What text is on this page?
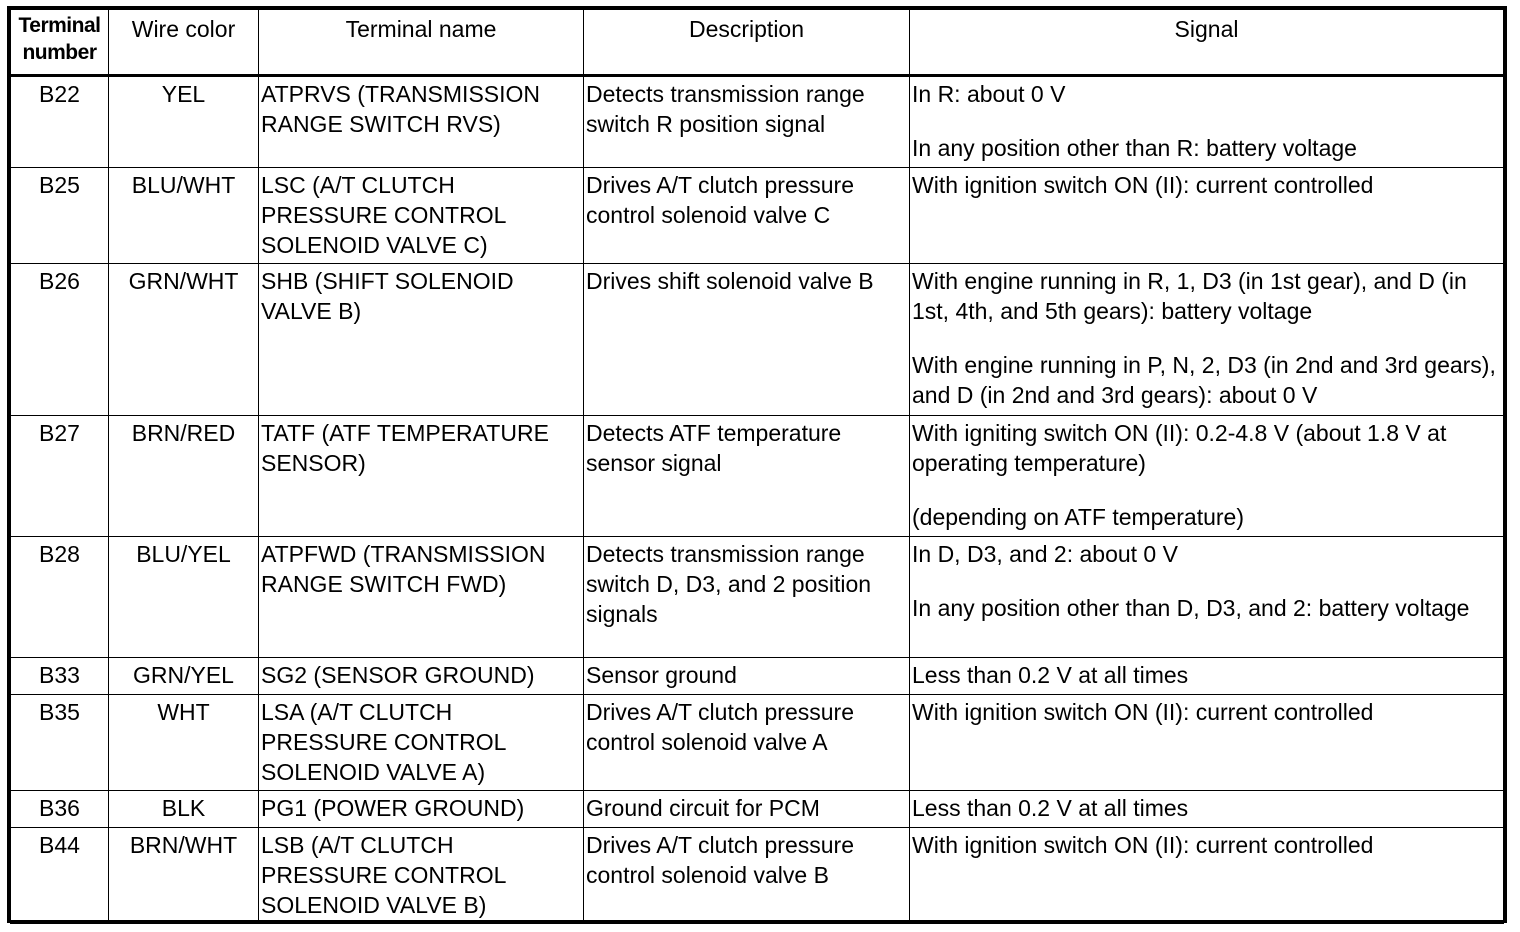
Terminal number	Wire color	Terminal name	Description	Signal
B22	YEL	ATPRVS (TRANSMISSION RANGE SWITCH RVS)	Detects transmission range switch R position signal	In R: about 0 V
In any position other than R: battery voltage

B25	BLU/WHT	LSC (A/T CLUTCH PRESSURE CONTROL SOLENOID VALVE C)	Drives A/T clutch pressure control solenoid valve C	With ignition switch ON (II): current controlled

B26	GRN/WHT	SHB (SHIFT SOLENOID VALVE B)	Drives shift solenoid valve B	With engine running in R, 1, D3 (in 1st gear), and D (in 1st, 4th, and 5th gears): battery voltage
With engine running in P, N, 2, D3 (in 2nd and 3rd gears), and D (in 2nd and 3rd gears): about 0 V

B27	BRN/RED	TATF (ATF TEMPERATURE SENSOR)	Detects ATF temperature sensor signal	With igniting switch ON (II): 0.2-4.8 V (about 1.8 V at operating temperature)
(depending on ATF temperature)

B28	BLU/YEL	ATPFWD (TRANSMISSION RANGE SWITCH FWD)	Detects transmission range switch D, D3, and 2 position signals	In D, D3, and 2: about 0 V
In any position other than D, D3, and 2: battery voltage

B33	GRN/YEL	SG2 (SENSOR GROUND)	Sensor ground	Less than 0.2 V at all times

B35	WHT	LSA (A/T CLUTCH PRESSURE CONTROL SOLENOID VALVE A)	Drives A/T clutch pressure control solenoid valve A	With ignition switch ON (II): current controlled

B36	BLK	PG1 (POWER GROUND)	Ground circuit for PCM	Less than 0.2 V at all times

B44	BRN/WHT	LSB (A/T CLUTCH PRESSURE CONTROL SOLENOID VALVE B)	Drives A/T clutch pressure control solenoid valve B	With ignition switch ON (II): current controlled
